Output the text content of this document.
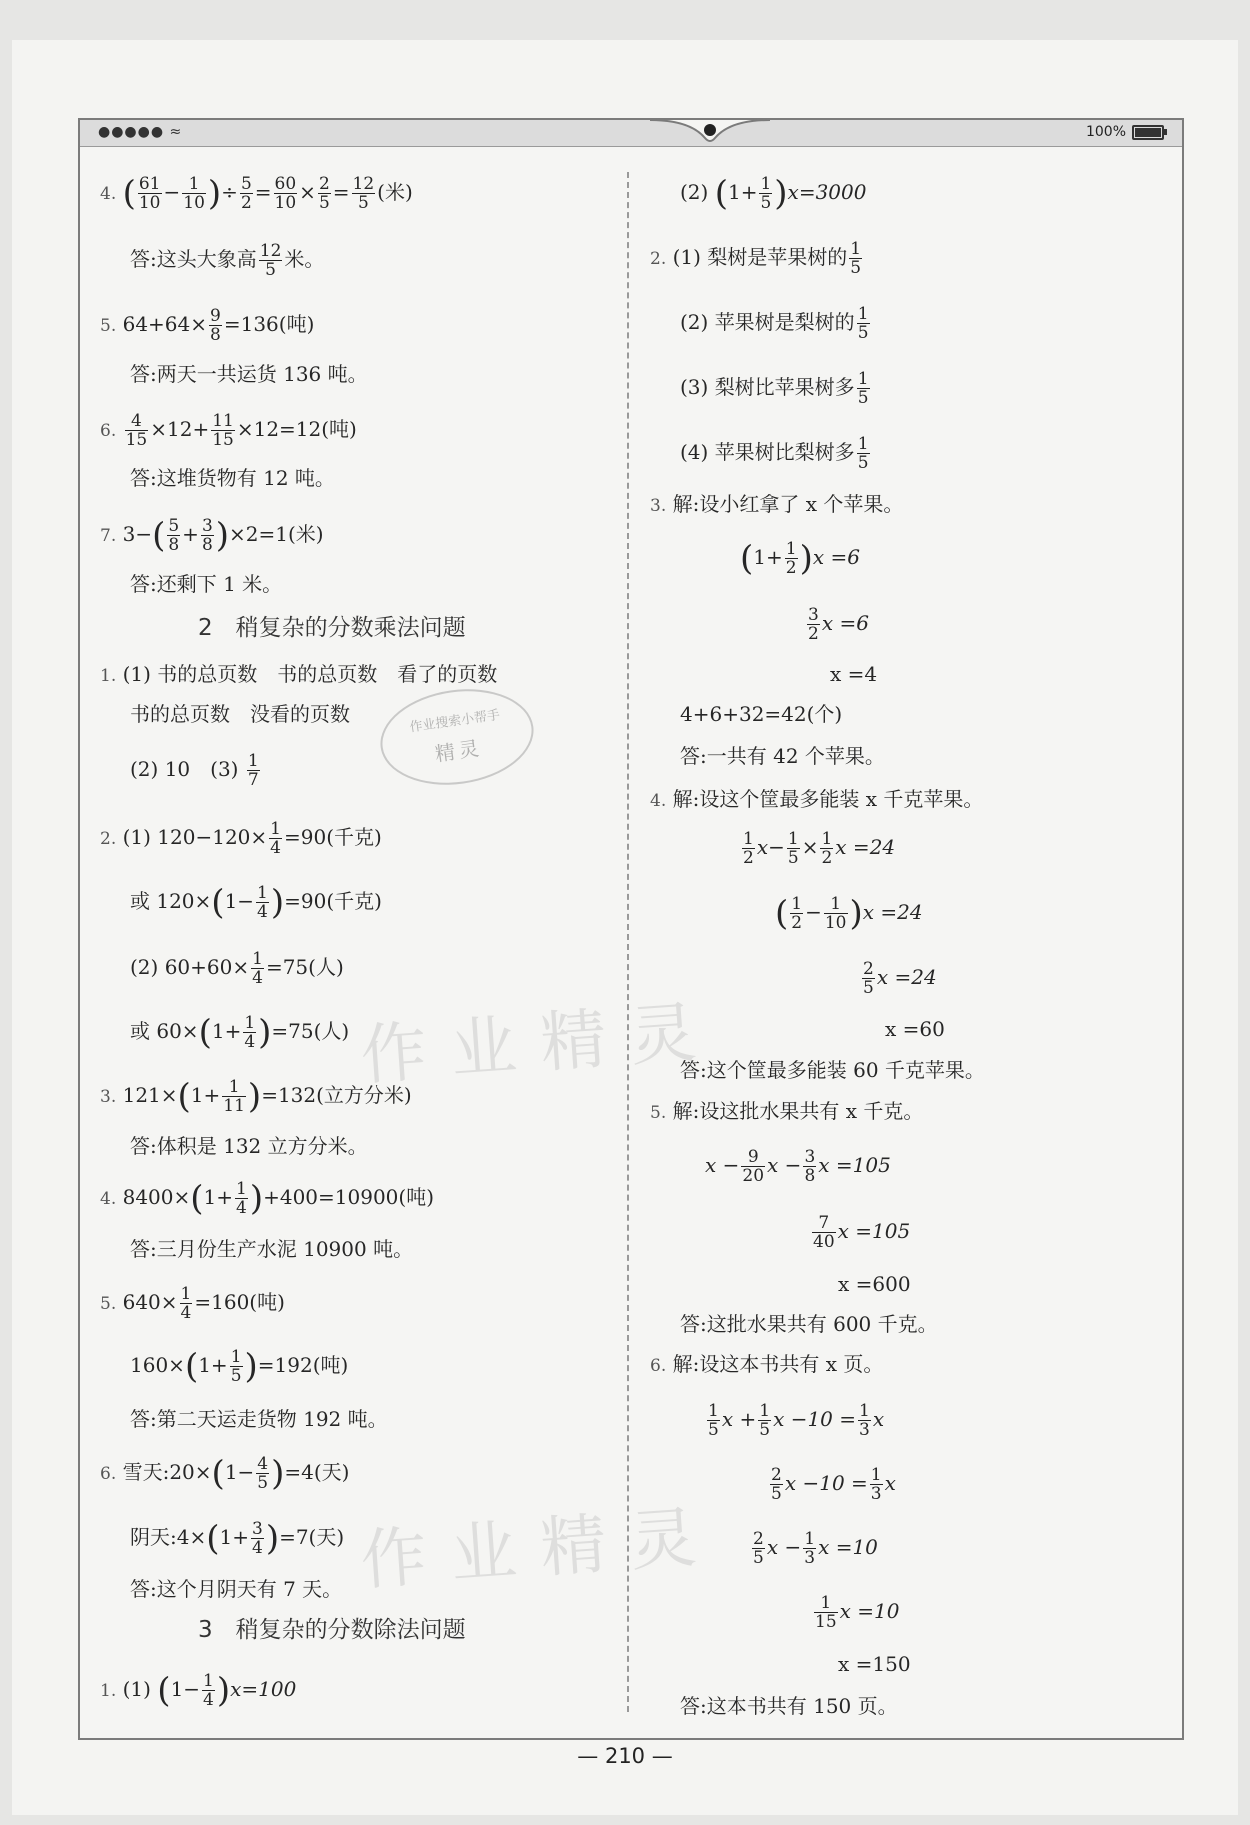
●●●●● ≈	100%
作业精灵
作业精灵
作业搜索小帮手
精灵
4. ( $\frac{61}{10} - \frac{1}{10}$ )÷ $\frac{5}{2} = \frac{60}{10} \times \frac{2}{5} = \frac{12}{5}$ (米)
答:这头大象高 $\frac{12}{5}$ 米。
5. $64+64\times \frac{9}{8} =136$(吨)
答:两天一共运货 136 吨。
6. $\frac{4}{15} \times 12+ \frac{11}{15} \times 12=12$(吨)
答:这堆货物有 12 吨。
7. $3-( \frac{5}{8} + \frac{3}{8} )\times 2=1$(米)
答:还剩下 1 米。
2　稍复杂的分数乘法问题
1. (1) 书的总页数　书的总页数　看了的页数
书的总页数　没看的页数
(2) 10　$(3) \frac{1}{7}$
2. (1) $120-120\times \frac{1}{4} =90$(千克)
或 $120\times(1- \frac{1}{4} )=90$(千克)
(2) $60+60\times \frac{1}{4} =75$(人)
或 $60\times(1+ \frac{1}{4} )=75$(人)
3. $121\times(1+ \frac{1}{11} )=132$(立方分米)
答:体积是 132 立方分米。
4. $8400\times(1+ \frac{1}{4} )+400=10900$(吨)
答:三月份生产水泥 10900 吨。
5. $640\times \frac{1}{4} =160$(吨)
$160\times(1+ \frac{1}{5} )=192$(吨)
答:第二天运走货物 192 吨。
6. 雪天:20×(1− $\frac{4}{5} )=4$(天)
阴天:4×(1+ $\frac{3}{4} )=7$(天)
答:这个月阴天有 7 天。
3　稍复杂的分数除法问题
1. (1) $(1- \frac{1}{4} )x=100$
(2) $(1+ \frac{1}{5} )x=3000$
2. (1) 梨树是苹果树的 $\frac{1}{5}$
(2) 苹果树是梨树的 $\frac{1}{5}$
(3) 梨树比苹果树多 $\frac{1}{5}$
(4) 苹果树比梨树多 $\frac{1}{5}$
3. 解:设小红拿了 x 个苹果。
$(1+ \frac{1}{2} )x =6$
$\frac{3}{2}$ x =6
x =4
4+6+32=42(个)
答:一共有 42 个苹果。
4. 解:设这个筐最多能装 x 千克苹果。
$\frac{1}{2} x- \frac{1}{5} \times \frac{1}{2}$ x =24
( $\frac{1}{2} - \frac{1}{10} )x =24$
$\frac{2}{5}$ x =24
x =60
答:这个筐最多能装 60 千克苹果。
5. 解:设这批水果共有 x 千克。
$x - \frac{9}{20}$ $x - \frac{3}{8}$ x =105
$\frac{7}{40}$ x =105
x =600
答:这批水果共有 600 千克。
6. 解:设这本书共有 x 页。
$\frac{1}{5}$ $x + \frac{1}{5}$ $x -10 = \frac{1}{3}$ x
$\frac{2}{5}$ $x -10 = \frac{1}{3}$ x
$\frac{2}{5}$ $x - \frac{1}{3}$ x =10
$\frac{1}{15}$ x =10
x =150
答:这本书共有 150 页。
— 210 —
